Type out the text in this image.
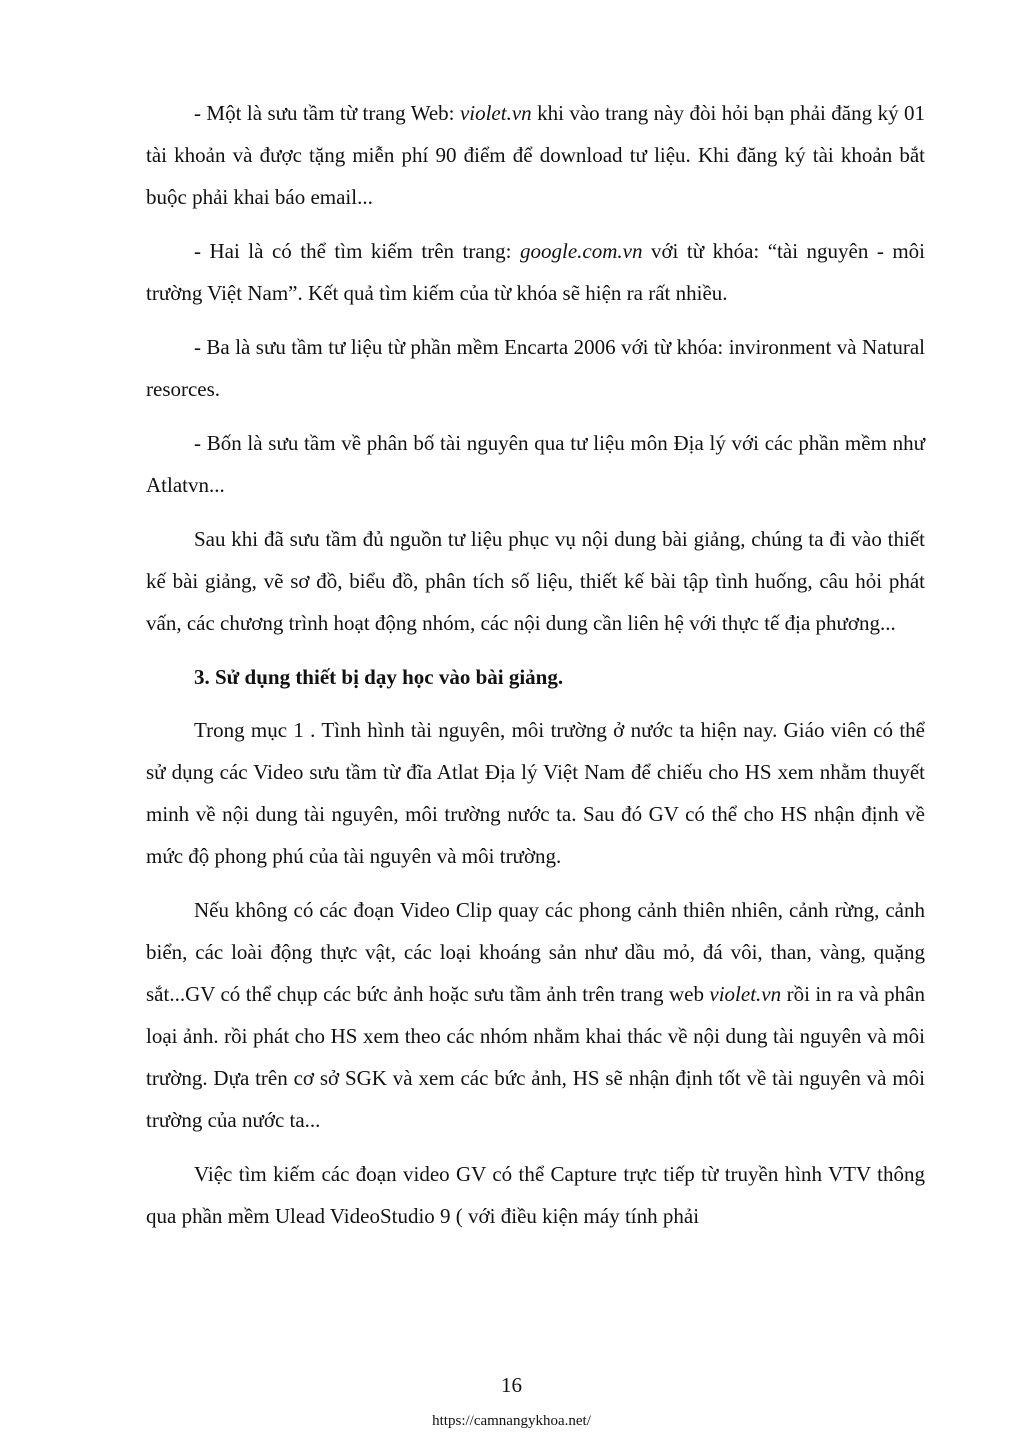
- Một là sưu tầm từ trang Web: violet.vn khi vào trang này đòi hỏi bạn phải đăng ký 01 tài khoản và được tặng miễn phí 90 điểm để download tư liệu. Khi đăng ký tài khoản bắt buộc phải khai báo email...

- Hai là có thể tìm kiếm trên trang: google.com.vn với từ khóa: “tài nguyên - môi trường Việt Nam”. Kết quả tìm kiếm của từ khóa sẽ hiện ra rất nhiều.

- Ba là sưu tầm tư liệu từ phần mềm Encarta 2006 với từ khóa: invironment và Natural resorces.

- Bốn là sưu tầm về phân bố tài nguyên qua tư liệu môn Địa lý với các phần mềm như Atlatvn...

Sau khi đã sưu tầm đủ nguồn tư liệu phục vụ nội dung bài giảng, chúng ta đi vào thiết kế bài giảng, vẽ sơ đồ, biểu đồ, phân tích số liệu, thiết kế bài tập tình huống, câu hỏi phát vấn, các chương trình hoạt động nhóm, các nội dung cần liên hệ với thực tế địa phương...

3. Sử dụng thiết bị dạy học vào bài giảng.

Trong mục 1 . Tình hình tài nguyên, môi trường ở nước ta hiện nay. Giáo viên có thể sử dụng các Video sưu tầm từ đĩa Atlat Địa lý Việt Nam để chiếu cho HS xem nhằm thuyết minh về nội dung tài nguyên, môi trường nước ta. Sau đó GV có thể cho HS nhận định về mức độ phong phú của tài nguyên và môi trường.

Nếu không có các đoạn Video Clip quay các phong cảnh thiên nhiên, cảnh rừng, cảnh biển, các loài động thực vật, các loại khoáng sản như dầu mỏ, đá vôi, than, vàng, quặng sắt...GV có thể chụp các bức ảnh hoặc sưu tầm ảnh trên trang web violet.vn rồi in ra và phân loại ảnh. rồi phát cho HS xem theo các nhóm nhằm khai thác về nội dung tài nguyên và môi trường. Dựa trên cơ sở SGK và xem các bức ảnh, HS sẽ nhận định tốt về tài nguyên và môi trường của nước ta...

Việc tìm kiếm các đoạn video GV có thể Capture trực tiếp từ truyền hình VTV thông qua phần mềm Ulead VideoStudio 9 ( với điều kiện máy tính phải

16
https://camnangykhoa.net/
